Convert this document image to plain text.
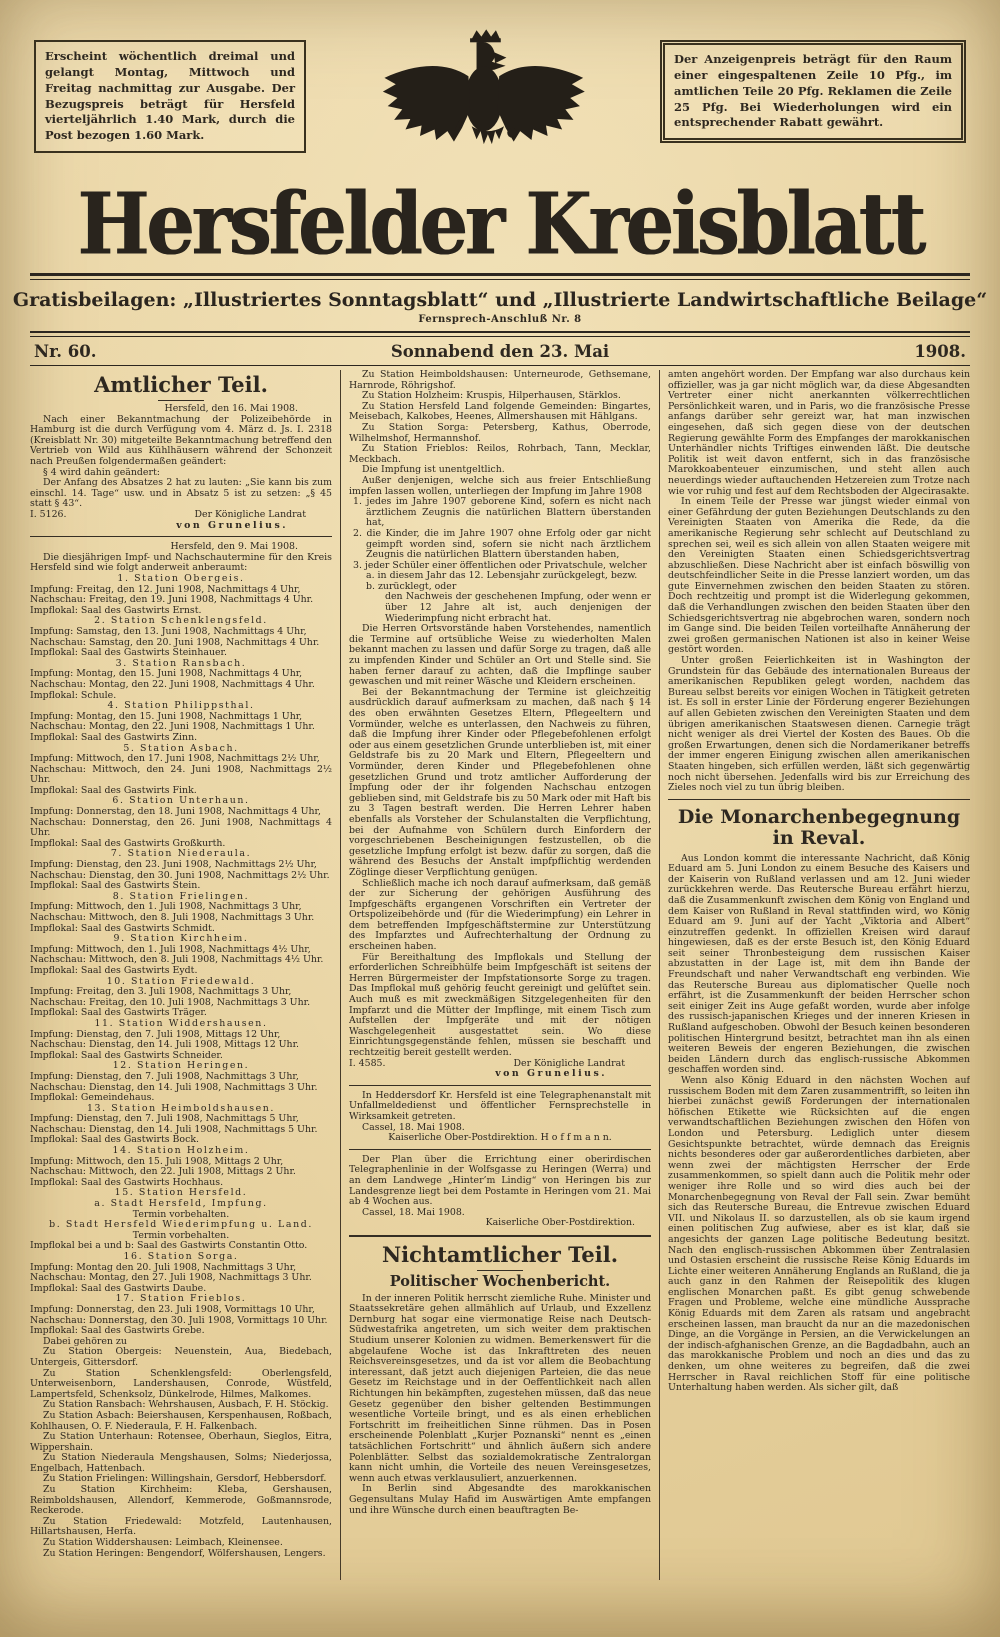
Erscheint wöchentlich dreimal und gelangt Montag, Mittwoch und Freitag nachmittag zur Ausgabe. Der Bezugspreis beträgt für Hersfeld vierteljährlich 1.40 Mark, durch die Post bezogen 1.60 Mark.
Der Anzeigenpreis beträgt für den Raum einer eingespaltenen Zeile 10 Pfg., im amtlichen Teile 20 Pfg. Reklamen die Zeile 25 Pfg. Bei Wiederholungen wird ein entsprechender Rabatt gewährt.
Hersfelder Kreisblatt
Gratisbeilagen: „Illustriertes Sonntagsblatt“ und „Illustrierte Landwirtschaftliche Beilage“
Fernsprech-Anschluß Nr. 8
Nr. 60.	Sonnabend den 23. Mai	1908.
Amtlicher Teil.
Hersfeld, den 16. Mai 1908.
Nach einer Bekanntmachung der Polizeibehörde in Hamburg ist die durch Verfügung vom 4. März d. Js. I. 2318 (Kreisblatt Nr. 30) mitgeteilte Bekanntmachung betreffend den Vertrieb von Wild aus Kühlhäusern während der Schonzeit nach Preußen folgendermaßen geändert:
§ 4 wird dahin geändert:
Der Anfang des Absatzes 2 hat zu lauten: „Sie kann bis zum einschl. 14. Tage“ usw. und in Absatz 5 ist zu setzen: „§ 45 statt § 43“.
I. 5126.	Der Königliche Landrat
von Grunelius.
Hersfeld, den 9. Mai 1908.
Die diesjährigen Impf- und Nachschautermine für den Kreis Hersfeld sind wie folgt anderweit anberaumt:
1. Station Obergeis.
Impfung: Freitag, den 12. Juni 1908, Nachmittags 4 Uhr,
Nachschau: Freitag, den 19. Juni 1908, Nachmittags 4 Uhr.
Impflokal: Saal des Gastwirts Ernst.
2. Station Schenklengsfeld.
Impfung: Samstag, den 13. Juni 1908, Nachmittags 4 Uhr,
Nachschau: Samstag, den 20. Juni 1908, Nachmittags 4 Uhr.
Impflokal: Saal des Gastwirts Steinhauer.
3. Station Ransbach.
Impfung: Montag, den 15. Juni 1908, Nachmittags 4 Uhr,
Nachschau: Montag, den 22. Juni 1908, Nachmittags 4 Uhr.
Impflokal: Schule.
4. Station Philippsthal.
Impfung: Montag, den 15. Juni 1908, Nachmittags 1 Uhr,
Nachschau: Montag, den 22. Juni 1908, Nachmittags 1 Uhr.
Impflokal: Saal des Gastwirts Zinn.
5. Station Asbach.
Impfung: Mittwoch, den 17. Juni 1908, Nachmittags 2½ Uhr,
Nachschau: Mittwoch, den 24. Juni 1908, Nachmittags 2½ Uhr.
Impflokal: Saal des Gastwirts Fink.
6. Station Unterhaun.
Impfung: Donnerstag, den 18. Juni 1908, Nachmittags 4 Uhr,
Nachschau: Donnerstag, den 26. Juni 1908, Nachmittags 4 Uhr.
Impflokal: Saal des Gastwirts Großkurth.
7. Station Niederaula.
Impfung: Dienstag, den 23. Juni 1908, Nachmittags 2½ Uhr,
Nachschau: Dienstag, den 30. Juni 1908, Nachmittags 2½ Uhr.
Impflokal: Saal des Gastwirts Stein.
8. Station Frielingen.
Impfung: Mittwoch, den 1. Juli 1908, Nachmittags 3 Uhr,
Nachschau: Mittwoch, den 8. Juli 1908, Nachmittags 3 Uhr.
Impflokal: Saal des Gastwirts Schmidt.
9. Station Kirchheim.
Impfung: Mittwoch, den 1. Juli 1908, Nachmittags 4½ Uhr,
Nachschau: Mittwoch, den 8. Juli 1908, Nachmittags 4½ Uhr.
Impflokal: Saal des Gastwirts Eydt.
10. Station Friedewald.
Impfung: Freitag, den 3. Juli 1908, Nachmittags 3 Uhr,
Nachschau: Freitag, den 10. Juli 1908, Nachmittags 3 Uhr.
Impflokal: Saal des Gastwirts Träger.
11. Station Widdershausen.
Impfung: Dienstag, den 7. Juli 1908, Mittags 12 Uhr,
Nachschau: Dienstag, den 14. Juli 1908, Mittags 12 Uhr.
Impflokal: Saal des Gastwirts Schneider.
12. Station Heringen.
Impfung: Dienstag, den 7. Juli 1908, Nachmittags 3 Uhr,
Nachschau: Dienstag, den 14. Juli 1908, Nachmittags 3 Uhr.
Impflokal: Gemeindehaus.
13. Station Heimboldshausen.
Impfung: Dienstag, den 7. Juli 1908, Nachmittags 5 Uhr,
Nachschau: Dienstag, den 14. Juli 1908, Nachmittags 5 Uhr.
Impflokal: Saal des Gastwirts Bock.
14. Station Holzheim.
Impfung: Mittwoch, den 15. Juli 1908, Mittags 2 Uhr,
Nachschau: Mittwoch, den 22. Juli 1908, Mittags 2 Uhr.
Impflokal: Saal des Gastwirts Hochhaus.
15. Station Hersfeld.
a. Stadt Hersfeld, Impfung.
Termin vorbehalten.
b. Stadt Hersfeld Wiederimpfung u. Land.
Termin vorbehalten.
Impflokal bei a und b: Saal des Gastwirts Constantin Otto.
16. Station Sorga.
Impfung: Montag den 20. Juli 1908, Nachmittags 3 Uhr,
Nachschau: Montag, den 27. Juli 1908, Nachmittags 3 Uhr.
Impflokal: Saal des Gastwirts Daube.
17. Station Frieblos.
Impfung: Donnerstag, den 23. Juli 1908, Vormittags 10 Uhr,
Nachschau: Donnerstag, den 30. Juli 1908, Vormittags 10 Uhr.
Impflokal: Saal des Gastwirts Grebe.
Dabei gehören zu
Zu Station Obergeis: Neuenstein, Aua, Biedebach, Untergeis, Gittersdorf.
Zu Station Schenklengsfeld: Oberlengsfeld, Unterweisenborn, Landershausen, Conrode, Wüstfeld, Lampertsfeld, Schenksolz, Dünkelrode, Hilmes, Malkomes.
Zu Station Ransbach: Wehrshausen, Ausbach, F. H. Stöckig.
Zu Station Asbach: Beiershausen, Kerspenhausen, Roßbach, Kohlhausen, O. F. Niederaula, F. H. Falkenbach.
Zu Station Unterhaun: Rotensee, Oberhaun, Sieglos, Eitra, Wippershain.
Zu Station Niederaula Mengshausen, Solms; Niederjossa, Engelbach, Hattenbach.
Zu Station Frielingen: Willingshain, Gersdorf, Hebbersdorf.
Zu Station Kirchheim: Kleba, Gershausen, Reimboldshausen, Allendorf, Kemmerode, Goßmannsrode, Reckerode.
Zu Station Friedewald: Motzfeld, Lautenhausen, Hillartshausen, Herfa.
Zu Station Widdershausen: Leimbach, Kleinensee.
Zu Station Heringen: Bengendorf, Wölfershausen, Lengers.
Zu Station Heimboldshausen: Unterneurode, Gethsemane, Harnrode, Röhrigshof.
Zu Station Holzheim: Kruspis, Hilperhausen, Stärklos.
Zu Station Hersfeld Land folgende Gemeinden: Bingartes, Meisebach, Kalkobes, Heenes, Allmershausen mit Hählgans.
Zu Station Sorga: Petersberg, Kathus, Oberrode, Wilhelmshof, Hermannshof.
Zu Station Frieblos: Reilos, Rohrbach, Tann, Mecklar, Meckbach.
Die Impfung ist unentgeltlich.
Außer denjenigen, welche sich aus freier Entschließung impfen lassen wollen, unterliegen der Impfung im Jahre 1908
1. jedes im Jahre 1907 geborene Kind, sofern es nicht nach ärztlichem Zeugnis die natürlichen Blattern überstanden hat,
2. die Kinder, die im Jahre 1907 ohne Erfolg oder gar nicht geimpft worden sind, sofern sie nicht nach ärztlichem Zeugnis die natürlichen Blattern überstanden haben,
3. jeder Schüler einer öffentlichen oder Privatschule, welcher
a. in diesem Jahr das 12. Lebensjahr zurückgelegt, bezw.
b. zurücklegt, oder
den Nachweis der geschehenen Impfung, oder wenn er über 12 Jahre alt ist, auch denjenigen der Wiederimpfung nicht erbracht hat.
Die Herren Ortsvorstände haben Vorstehendes, namentlich die Termine auf ortsübliche Weise zu wiederholten Malen bekannt machen zu lassen und dafür Sorge zu tragen, daß alle zu impfenden Kinder und Schüler an Ort und Stelle sind. Sie haben ferner darauf zu achten, daß die Impflinge sauber gewaschen und mit reiner Wäsche und Kleidern erscheinen.
Bei der Bekanntmachung der Termine ist gleichzeitig ausdrücklich darauf aufmerksam zu machen, daß nach § 14 des oben erwähnten Gesetzes Eltern, Pflegeeltern und Vormünder, welche es unterlassen, den Nachweis zu führen, daß die Impfung ihrer Kinder oder Pflegebefohlenen erfolgt oder aus einem gesetzlichen Grunde unterblieben ist, mit einer Geldstrafe bis zu 20 Mark und Eltern, Pflegeeltern und Vormünder, deren Kinder und Pflegebefohlenen ohne gesetzlichen Grund und trotz amtlicher Aufforderung der Impfung oder der ihr folgenden Nachschau entzogen geblieben sind, mit Geldstrafe bis zu 50 Mark oder mit Haft bis zu 3 Tagen bestraft werden. Die Herren Lehrer haben ebenfalls als Vorsteher der Schulanstalten die Verpflichtung, bei der Aufnahme von Schülern durch Einfordern der vorgeschriebenen Bescheinigungen festzustellen, ob die gesetzliche Impfung erfolgt ist bezw. dafür zu sorgen, daß die während des Besuchs der Anstalt impfpflichtig werdenden Zöglinge dieser Verpflichtung genügen.
Schließlich mache ich noch darauf aufmerksam, daß gemäß der zur Sicherung der gehörigen Ausführung des Impfgeschäfts ergangenen Vorschriften ein Vertreter der Ortspolizeibehörde und (für die Wiederimpfung) ein Lehrer in dem betreffenden Impfgeschäftstermine zur Unterstützung des Impfarztes und Aufrechterhaltung der Ordnung zu erscheinen haben.
Für Bereithaltung des Impflokals und Stellung der erforderlichen Schreibhülfe beim Impfgeschäft ist seitens der Herren Bürgermeister der Impfstationsorte Sorge zu tragen. Das Impflokal muß gehörig feucht gereinigt und gelüftet sein. Auch muß es mit zweckmäßigen Sitzgelegenheiten für den Impfarzt und die Mütter der Impflinge, mit einem Tisch zum Aufstellen der Impfgeräte und mit der nötigen Waschgelegenheit ausgestattet sein. Wo diese Einrichtungsgegenstände fehlen, müssen sie beschafft und rechtzeitig bereit gestellt werden.
I. 4585.	Der Königliche Landrat
von Grunelius.
In Heddersdorf Kr. Hersfeld ist eine Telegraphenanstalt mit Unfallmeldedienst und öffentlicher Fernsprechstelle in Wirksamkeit getreten.
Cassel, 18. Mai 1908.
Kaiserliche Ober-Postdirektion. H o f f m a n n.
Der Plan über die Errichtung einer oberirdischen Telegraphenlinie in der Wolfsgasse zu Heringen (Werra) und an dem Landwege „Hinter’m Lindig“ von Heringen bis zur Landesgrenze liegt bei dem Postamte in Heringen vom 21. Mai ab 4 Wochen aus.
Cassel, 18. Mai 1908.
Kaiserliche Ober-Postdirektion.
Nichtamtlicher Teil.
Politischer Wochenbericht.
In der inneren Politik herrscht ziemliche Ruhe. Minister und Staatssekretäre gehen allmählich auf Urlaub, und Exzellenz Dernburg hat sogar eine viermonatige Reise nach Deutsch-Südwestafrika angetreten, um sich weiter dem praktischen Studium unserer Kolonien zu widmen. Bemerkenswert für die abgelaufene Woche ist das Inkrafttreten des neuen Reichsvereinsgesetzes, und da ist vor allem die Beobachtung interessant, daß jetzt auch diejenigen Parteien, die das neue Gesetz im Reichstage und in der Oeffentlichkeit nach allen Richtungen hin bekämpften, zugestehen müssen, daß das neue Gesetz gegenüber den bisher geltenden Bestimmungen wesentliche Vorteile bringt, und es als einen erheblichen Fortschritt im freiheitlichen Sinne rühmen. Das in Posen erscheinende Polenblatt „Kurjer Poznanski“ nennt es „einen tatsächlichen Fortschritt“ und ähnlich äußern sich andere Polenblätter. Selbst das sozialdemokratische Zentralorgan kann nicht umhin, die Vorteile des neuen Vereinsgesetzes, wenn auch etwas verklausuliert, anzuerkennen.
In Berlin sind Abgesandte des marokkanischen Gegensultans Mulay Hafid im Auswärtigen Amte empfangen und ihre Wünsche durch einen beauftragten Be-
amten angehört worden. Der Empfang war also durchaus kein offizieller, was ja gar nicht möglich war, da diese Abgesandten Vertreter einer nicht anerkannten völkerrechtlichen Persönlichkeit waren, und in Paris, wo die französische Presse anfangs darüber sehr gereizt war, hat man inzwischen eingesehen, daß sich gegen diese von der deutschen Regierung gewählte Form des Empfanges der marokkanischen Unterhändler nichts Triftiges einwenden läßt. Die deutsche Politik ist weit davon entfernt, sich in das französische Marokkoabenteuer einzumischen, und steht allen auch neuerdings wieder auftauchenden Hetzereien zum Trotze nach wie vor ruhig und fest auf dem Rechtsboden der Algecirasakte.
In einem Teile der Presse war jüngst wieder einmal von einer Gefährdung der guten Beziehungen Deutschlands zu den Vereinigten Staaten von Amerika die Rede, da die amerikanische Regierung sehr schlecht auf Deutschland zu sprechen sei, weil es sich allein von allen Staaten weigere mit den Vereinigten Staaten einen Schiedsgerichtsvertrag abzuschließen. Diese Nachricht aber ist einfach böswillig von deutschfeindlicher Seite in die Presse lanziert worden, um das gute Einvernehmen zwischen den beiden Staaten zu stören. Doch rechtzeitig und prompt ist die Widerlegung gekommen, daß die Verhandlungen zwischen den beiden Staaten über den Schiedsgerichtsvertrag nie abgebrochen waren, sondern noch im Gange sind. Die beiden Teilen vorteilhafte Annäherung der zwei großen germanischen Nationen ist also in keiner Weise gestört worden.
Unter großen Feierlichkeiten ist in Washington der Grundstein für das Gebäude des internationalen Bureaus der amerikanischen Republiken gelegt worden, nachdem das Bureau selbst bereits vor einigen Wochen in Tätigkeit getreten ist. Es soll in erster Linie der Förderung engerer Beziehungen auf allen Gebieten zwischen den Vereinigten Staaten und dem übrigen amerikanischen Staatswesen dienen. Carnegie trägt nicht weniger als drei Viertel der Kosten des Baues. Ob die großen Erwartungen, denen sich die Nordamerikaner betreffs der immer engeren Einigung zwischen allen amerikanischen Staaten hingeben, sich erfüllen werden, läßt sich gegenwärtig noch nicht übersehen. Jedenfalls wird bis zur Erreichung des Zieles noch viel zu tun übrig bleiben.
Die Monarchenbegegnung in Reval.
Aus London kommt die interessante Nachricht, daß König Eduard am 5. Juni London zu einem Besuche des Kaisers und der Kaiserin von Rußland verlassen und am 12. Juni wieder zurückkehren werde. Das Reutersche Bureau erfährt hierzu, daß die Zusammenkunft zwischen dem König von England und dem Kaiser von Rußland in Reval stattfinden wird, wo König Eduard am 9. Juni auf der Yacht „Viktoria and Albert“ einzutreffen gedenkt. In offiziellen Kreisen wird darauf hingewiesen, daß es der erste Besuch ist, den König Eduard seit seiner Thronbesteigung dem russischen Kaiser abzustatten in der Lage ist, mit dem ihn Bande der Freundschaft und naher Verwandtschaft eng verbinden. Wie das Reutersche Bureau aus diplomatischer Quelle noch erfährt, ist die Zusammenkunft der beiden Herrscher schon seit einiger Zeit ins Auge gefaßt worden, wurde aber infolge des russisch-japanischen Krieges und der inneren Kriesen in Rußland aufgeschoben. Obwohl der Besuch keinen besonderen politischen Hintergrund besitzt, betrachtet man ihn als einen weiteren Beweis der engeren Beziehungen, die zwischen beiden Ländern durch das englisch-russische Abkommen geschaffen worden sind.
Wenn also König Eduard in den nächsten Wochen auf russischem Boden mit dem Zaren zusammentrifft, so leiten ihn hierbei zunächst gewiß Forderungen der internationalen höfischen Etikette wie Rücksichten auf die engen verwandtschaftlichen Beziehungen zwischen den Höfen von London und Petersburg. Lediglich unter diesem Gesichtspunkte betrachtet, würde demnach das Ereignis nichts besonderes oder gar außerordentliches darbieten, aber wenn zwei der mächtigsten Herrscher der Erde zusammenkommen, so spielt dann auch die Politik mehr oder weniger ihre Rolle und so wird dies auch bei der Monarchenbegegnung von Reval der Fall sein. Zwar bemüht sich das Reutersche Bureau, die Entrevue zwischen Eduard VII. und Nikolaus II. so darzustellen, als ob sie kaum irgend einen politischen Zug aufwiese, aber es ist klar, daß sie angesichts der ganzen Lage politische Bedeutung besitzt. Nach den englisch-russischen Abkommen über Zentralasien und Ostasien erscheint die russische Reise König Eduards im Lichte einer weiteren Annäherung Englands an Rußland, die ja auch ganz in den Rahmen der Reisepolitik des klugen englischen Monarchen paßt. Es gibt genug schwebende Fragen und Probleme, welche eine mündliche Aussprache König Eduards mit dem Zaren als ratsam und angebracht erscheinen lassen, man braucht da nur an die mazedonischen Dinge, an die Vorgänge in Persien, an die Verwickelungen an der indisch-afghanischen Grenze, an die Bagdadbahn, auch an das marokkanische Problem und noch an dies und das zu denken, um ohne weiteres zu begreifen, daß die zwei Herrscher in Raval reichlichen Stoff für eine politische Unterhaltung haben werden. Als sicher gilt, daß
